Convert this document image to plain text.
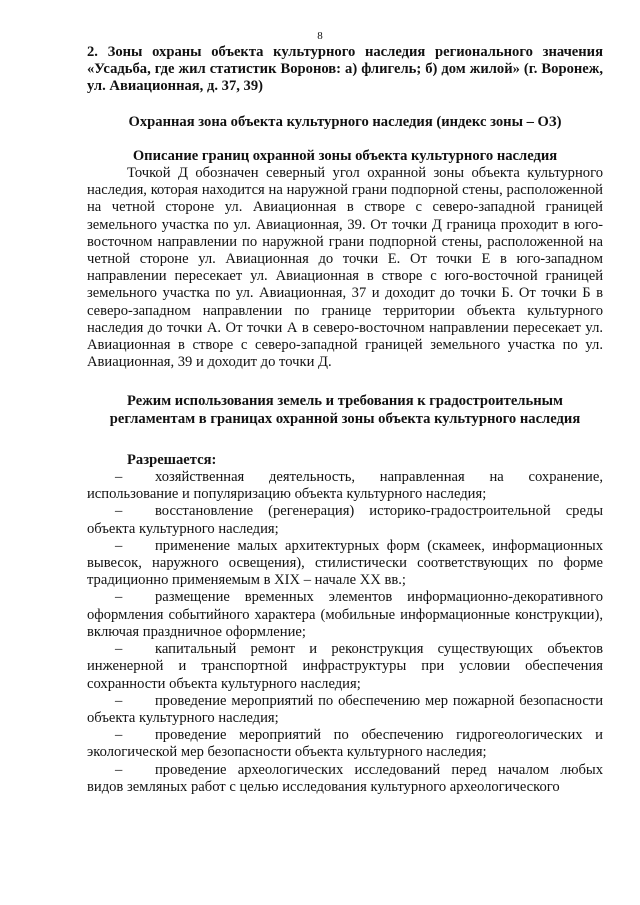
8

2. Зоны охраны объекта культурного наследия регионального значения «Усадьба, где жил статистик Воронов: а) флигель; б) дом жилой» (г. Воронеж, ул. Авиационная, д. 37, 39)

Охранная зона объекта культурного наследия (индекс зоны – ОЗ)

Описание границ охранной зоны объекта культурного наследия

Точкой Д обозначен северный угол охранной зоны объекта культурного наследия, которая находится на наружной грани подпорной стены, расположенной на четной стороне ул. Авиационная в створе с северо-западной границей земельного участка по ул. Авиационная, 39. От точки Д граница проходит в юго-восточном направлении по наружной грани подпорной стены, расположенной на четной стороне ул. Авиационная до точки Е. От точки Е в юго-западном направлении пересекает ул. Авиационная в створе с юго-восточной границей земельного участка по ул. Авиационная, 37 и доходит до точки Б. От точки Б в северо-западном направлении по границе территории объекта культурного наследия до точки А. От точки А в северо-восточном направлении пересекает ул. Авиационная в створе с северо-западной границей земельного участка по ул. Авиационная, 39 и доходит до точки Д.

Режим использования земель и требования к градостроительным регламентам в границах охранной зоны объекта культурного наследия

Разрешается:

– хозяйственная деятельность, направленная на сохранение, использование и популяризацию объекта культурного наследия;

– восстановление (регенерация) историко-градостроительной среды объекта культурного наследия;

– применение малых архитектурных форм (скамеек, информационных вывесок, наружного освещения), стилистически соответствующих по форме традиционно применяемым в XIX – начале XX вв.;

– размещение временных элементов информационно-декоративного оформления событийного характера (мобильные информационные конструкции), включая праздничное оформление;

– капитальный ремонт и реконструкция существующих объектов инженерной и транспортной инфраструктуры при условии обеспечения сохранности объекта культурного наследия;

– проведение мероприятий по обеспечению мер пожарной безопасности объекта культурного наследия;

– проведение мероприятий по обеспечению гидрогеологических и экологической мер безопасности объекта культурного наследия;

– проведение археологических исследований перед началом любых видов земляных работ с целью исследования культурного археологического
